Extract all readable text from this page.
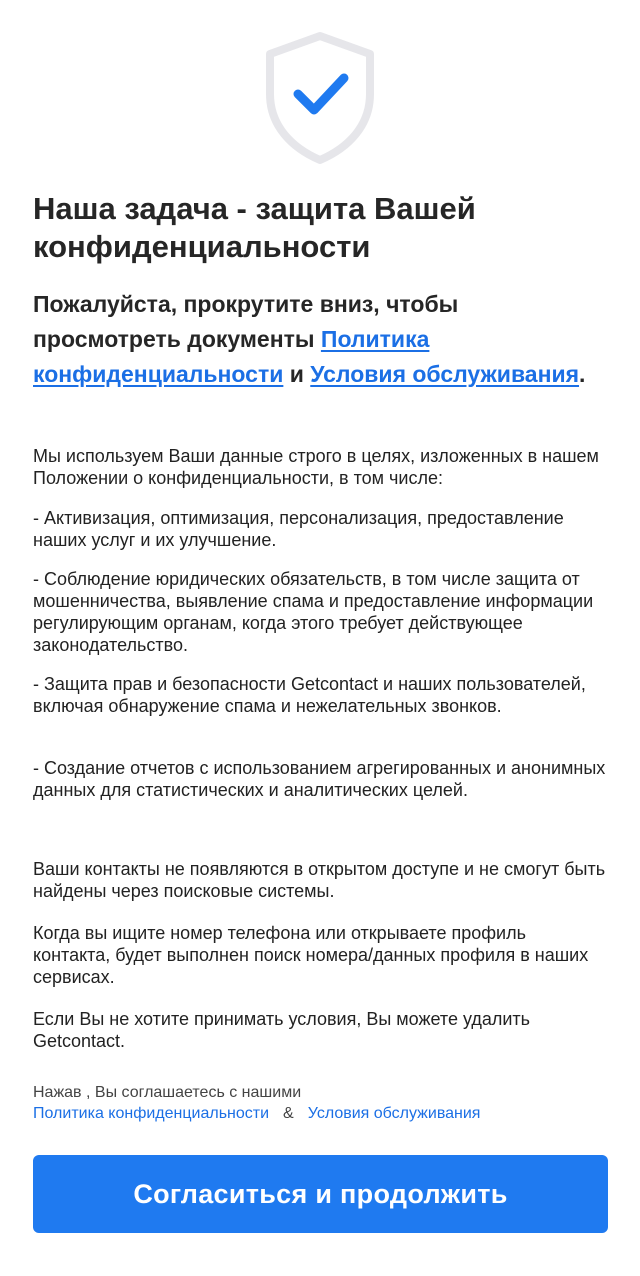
Наша задача - защита Вашей конфиденциальности

Пожалуйста, прокрутите вниз, чтобы просмотреть документы Политика конфиденциальности и Условия обслуживания.

Мы используем Ваши данные строго в целях, изложенных в нашем Положении о конфиденциальности, в том числе:

- Активизация, оптимизация, персонализация, предоставление наших услуг и их улучшение.

- Соблюдение юридических обязательств, в том числе защита от мошенничества, выявление спама и предоставление информации регулирующим органам, когда этого требует действующее законодательство.

- Защита прав и безопасности Getcontact и наших пользователей, включая обнаружение спама и нежелательных звонков.

- Создание отчетов с использованием агрегированных и анонимных данных для статистических и аналитических целей.

Ваши контакты не появляются в открытом доступе и не смогут быть найдены через поисковые системы.

Когда вы ищите номер телефона или открываете профиль контакта, будет выполнен поиск номера/данных профиля в наших сервисах.

Если Вы не хотите принимать условия, Вы можете удалить Getcontact.

Нажав , Вы соглашаетесь с нашими
Политика конфиденциальности & Условия обслуживания
Согласиться и продолжить
